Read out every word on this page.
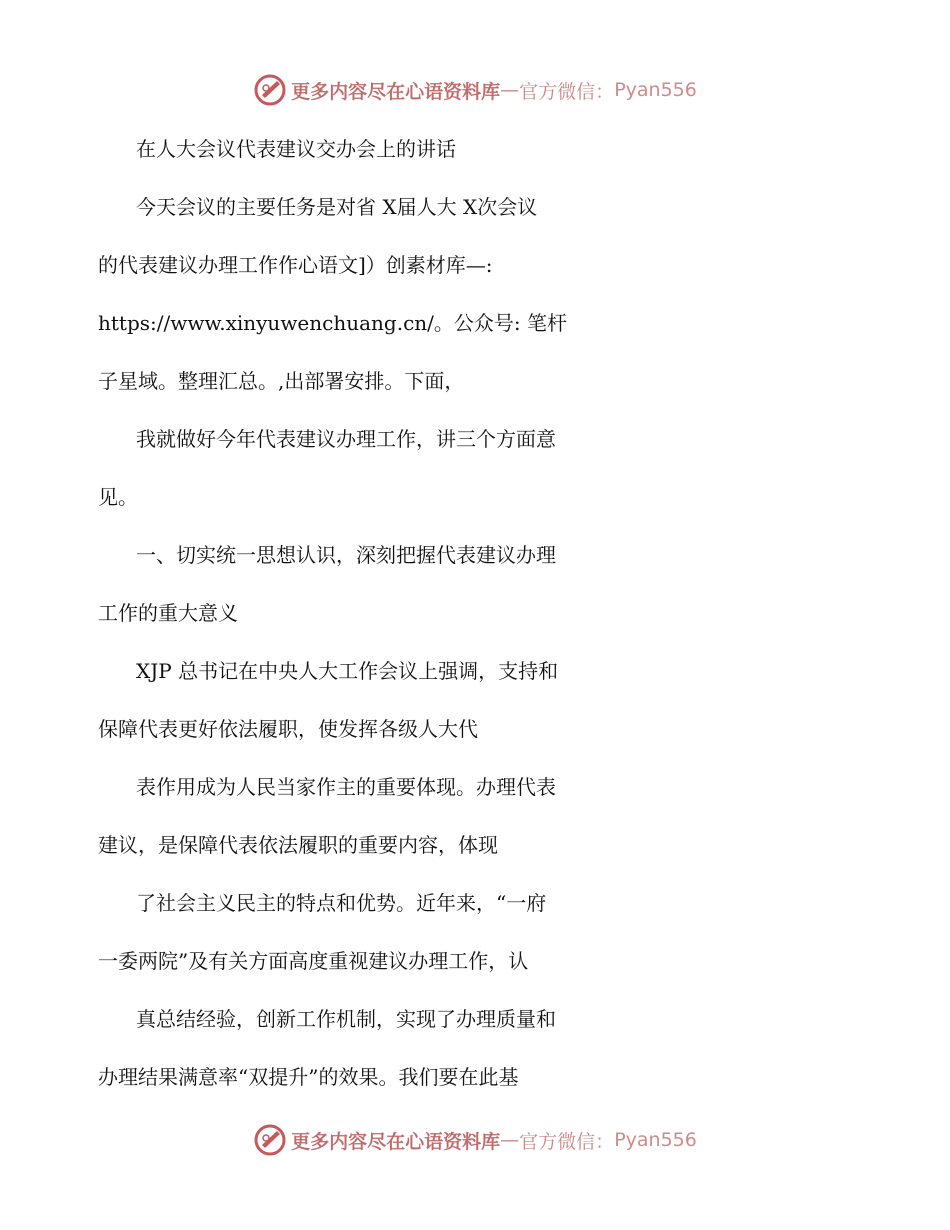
更多内容尽在心语资料库 — 官方微信： Pyan556
在人大会议代表建议交办会上的讲话
今天会议的主要任务是对省 X届人大 X次会议
的代表建议办理工作作心语文]）创素材库—:
https://www.xinyuwenchuang.cn/。公众号: 笔杆
子星域。整理汇总。,出部署安排。下面，
我就做好今年代表建议办理工作，讲三个方面意
见。
一、切实统一思想认识，深刻把握代表建议办理
工作的重大意义
XJP 总书记在中央人大工作会议上强调，支持和
保障代表更好依法履职，使发挥各级人大代
表作用成为人民当家作主的重要体现。办理代表
建议，是保障代表依法履职的重要内容，体现
了社会主义民主的特点和优势。近年来，“一府
一委两院”及有关方面高度重视建议办理工作，认
真总结经验，创新工作机制，实现了办理质量和
办理结果满意率“双提升”的效果。我们要在此基
更多内容尽在心语资料库 — 官方微信： Pyan556
